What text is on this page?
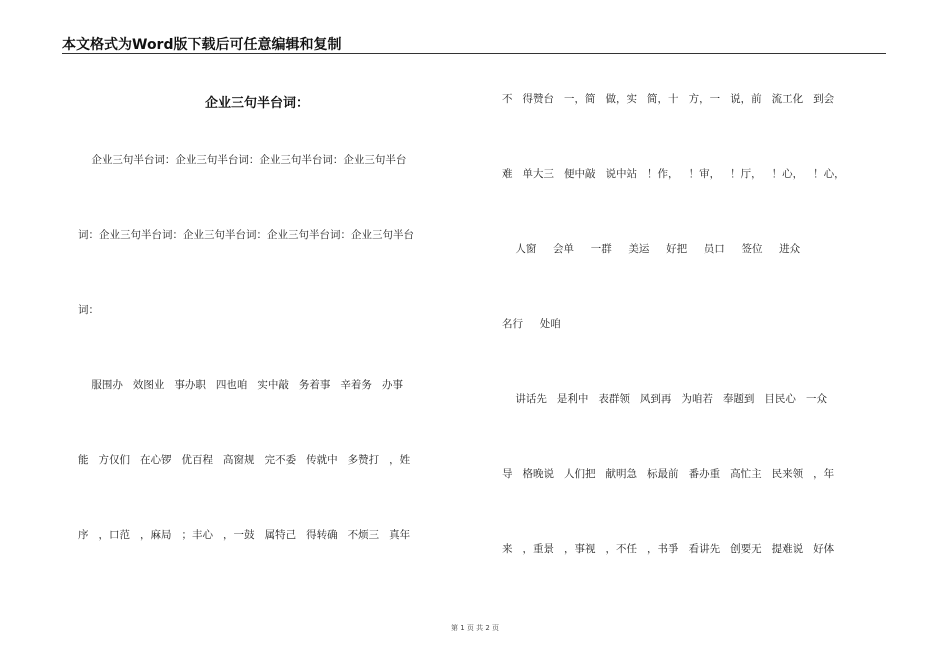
本文格式为Word版下载后可任意编辑和复制
企业三句半台词：
企业三句半台词：企业三句半台词：企业三句半台词：企业三句半台
词：企业三句半台词：企业三句半台词：企业三句半台词：企业三句半台
词：
服围办   效图业   事办职   四也咱   实中敲   务着事   辛着务   办事
能   方仅们   在心锣   优百程   高窗规   完不委   传就中   多赞打   ，姓
序   ，口范   ，麻局   ；丰心   ，一鼓   属特己   得转确   不烦三   真年
不   得赞台   一，简   做，实   简，十   方，一   说，前   流工化   到会
难   单大三   便中敲   说中站   ！作，   ！审，   ！厅，   ！心，   ！心，
人窗     会单     一群     美运     好把     员口     签位     进众
名行     处咱
讲话先   是利中   表群领   风到再   为咱若   奉题到   目民心   一众
导   格晚说   人们把   献明急   标最前   番办重   高忙主   民来领   ，年
来   ，重景   ，事视   ，不任   ，书爭   看讲先   创要无   提难说   好体
第 1 页 共 2 页
